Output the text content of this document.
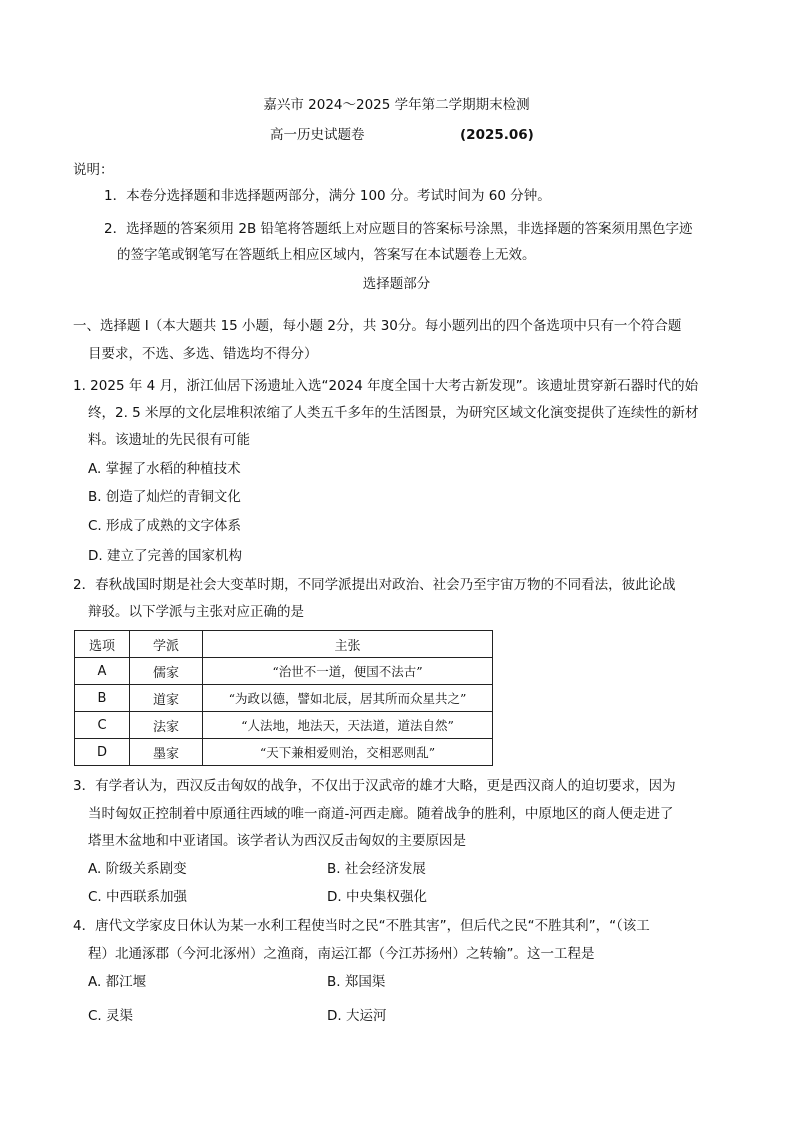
嘉兴市 2024～2025 学年第二学期期末检测
高一历史试题卷	(2025.06)
说明：
1．本卷分选择题和非选择题两部分，满分 100 分。考试时间为 60 分钟。
2．选择题的答案须用 2B 铅笔将答题纸上对应题目的答案标号涂黑，非选择题的答案须用黑色字迹
的签字笔或钢笔写在答题纸上相应区域内，答案写在本试题卷上无效。
选择题部分
一、选择题 I（本大题共 15 小题，每小题 2分，共 30分。每小题列出的四个备选项中只有一个符合题
目要求，不选、多选、错选均不得分）
1. 2025 年 4 月，浙江仙居下汤遗址入选“2024 年度全国十大考古新发现”。该遗址贯穿新石器时代的始
终，2. 5 米厚的文化层堆积浓缩了人类五千多年的生活图景，为研究区域文化演变提供了连续性的新材
料。该遗址的先民很有可能
A. 掌握了水稻的种植技术
B. 创造了灿烂的青铜文化
C. 形成了成熟的文字体系
D. 建立了完善的国家机构
2．春秋战国时期是社会大变革时期，不同学派提出对政治、社会乃至宇宙万物的不同看法，彼此论战
辩驳。以下学派与主张对应正确的是
选项	学派	主张
A	儒家	“治世不一道，便国不法古”
B	道家	“为政以德，譬如北辰，居其所而众星共之”
C	法家	“人法地，地法天，天法道，道法自然”
D	墨家	“天下兼相爱则治，交相恶则乱”
3．有学者认为，西汉反击匈奴的战争，不仅出于汉武帝的雄才大略，更是西汉商人的迫切要求，因为
当时匈奴正控制着中原通往西域的唯一商道-河西走廊。随着战争的胜利，中原地区的商人便走进了
塔里木盆地和中亚诸国。该学者认为西汉反击匈奴的主要原因是
A. 阶级关系剧变	B. 社会经济发展
C. 中西联系加强	D. 中央集权强化
4．唐代文学家皮日休认为某一水利工程使当时之民“不胜其害”，但后代之民“不胜其利”，“（该工
程）北通涿郡（今河北涿州）之渔商，南运江都（今江苏扬州）之转输”。这一工程是
A. 都江堰	B. 郑国渠
C. 灵渠	D. 大运河
